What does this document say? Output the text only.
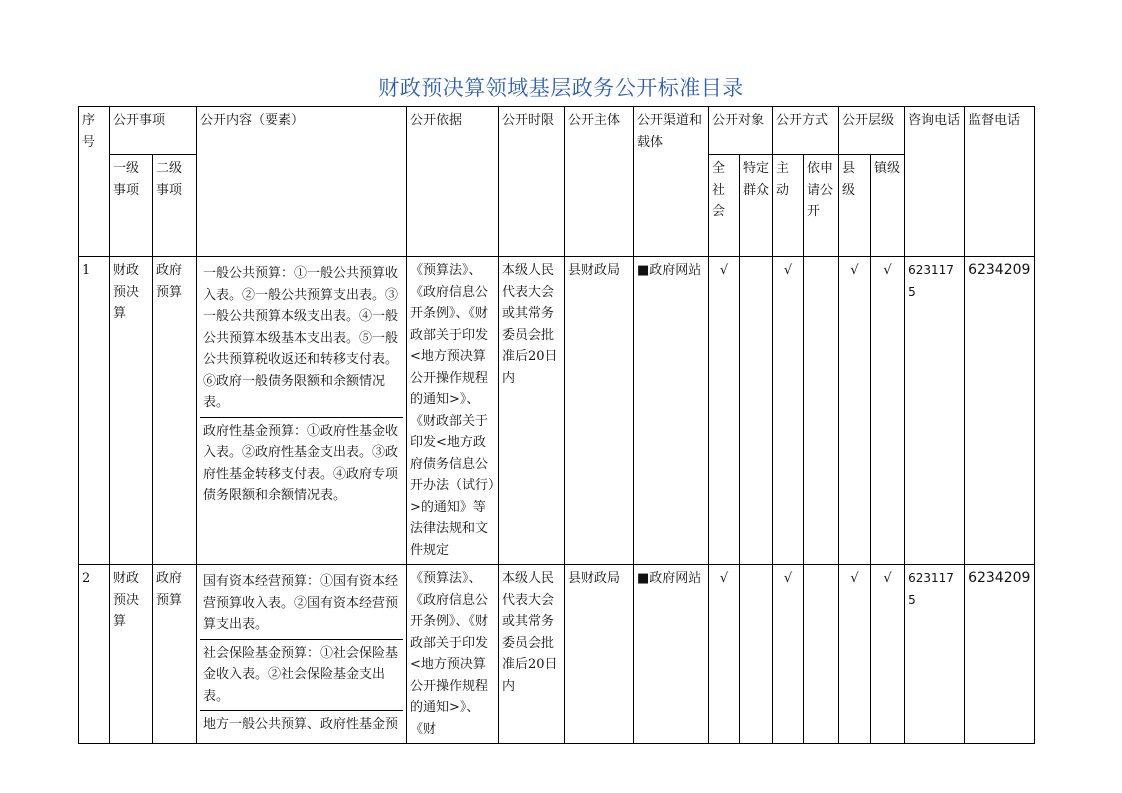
财政预决算领域基层政务公开标准目录
序号	公开事项		公开内容（要素）	公开依据	公开时限	公开主体	公开渠道和载体	公开对象		公开方式		公开层级		咨询电话	监督电话
	一级事项	二级事项						全社会	特定群众	主动	依申请公开	县级	镇级		
1	财政预决算	政府预算	一般公共预算：①一般公共预算收入表。②一般公共预算支出表。③一般公共预算本级支出表。④一般公共预算本级基本支出表。⑤一般公共预算税收返还和转移支付表。⑥政府一般债务限额和余额情况表。
政府性基金预算：①政府性基金收入表。②政府性基金支出表。③政府性基金转移支付表。④政府专项债务限额和余额情况表。	《预算法》、《政府信息公开条例》、《财政部关于印发<地方预决算公开操作规程的通知>》、《财政部关于印发<地方政府债务信息公开办法（试行）>的通知》等法律法规和文件规定	本级人民代表大会或其常务委员会批准后20日内	县财政局	■政府网站	√		√		√	√	6231175	6234209
2	财政预决算	政府预算	国有资本经营预算：①国有资本经营预算收入表。②国有资本经营预算支出表。
社会保险基金预算：①社会保险基金收入表。②社会保险基金支出表。
地方一般公共预算、政府性基金预	《预算法》、《政府信息公开条例》、《财政部关于印发<地方预决算公开操作规程的通知>》、《财	本级人民代表大会或其常务委员会批准后20日内	县财政局	■政府网站	√		√		√	√	6231175	6234209
